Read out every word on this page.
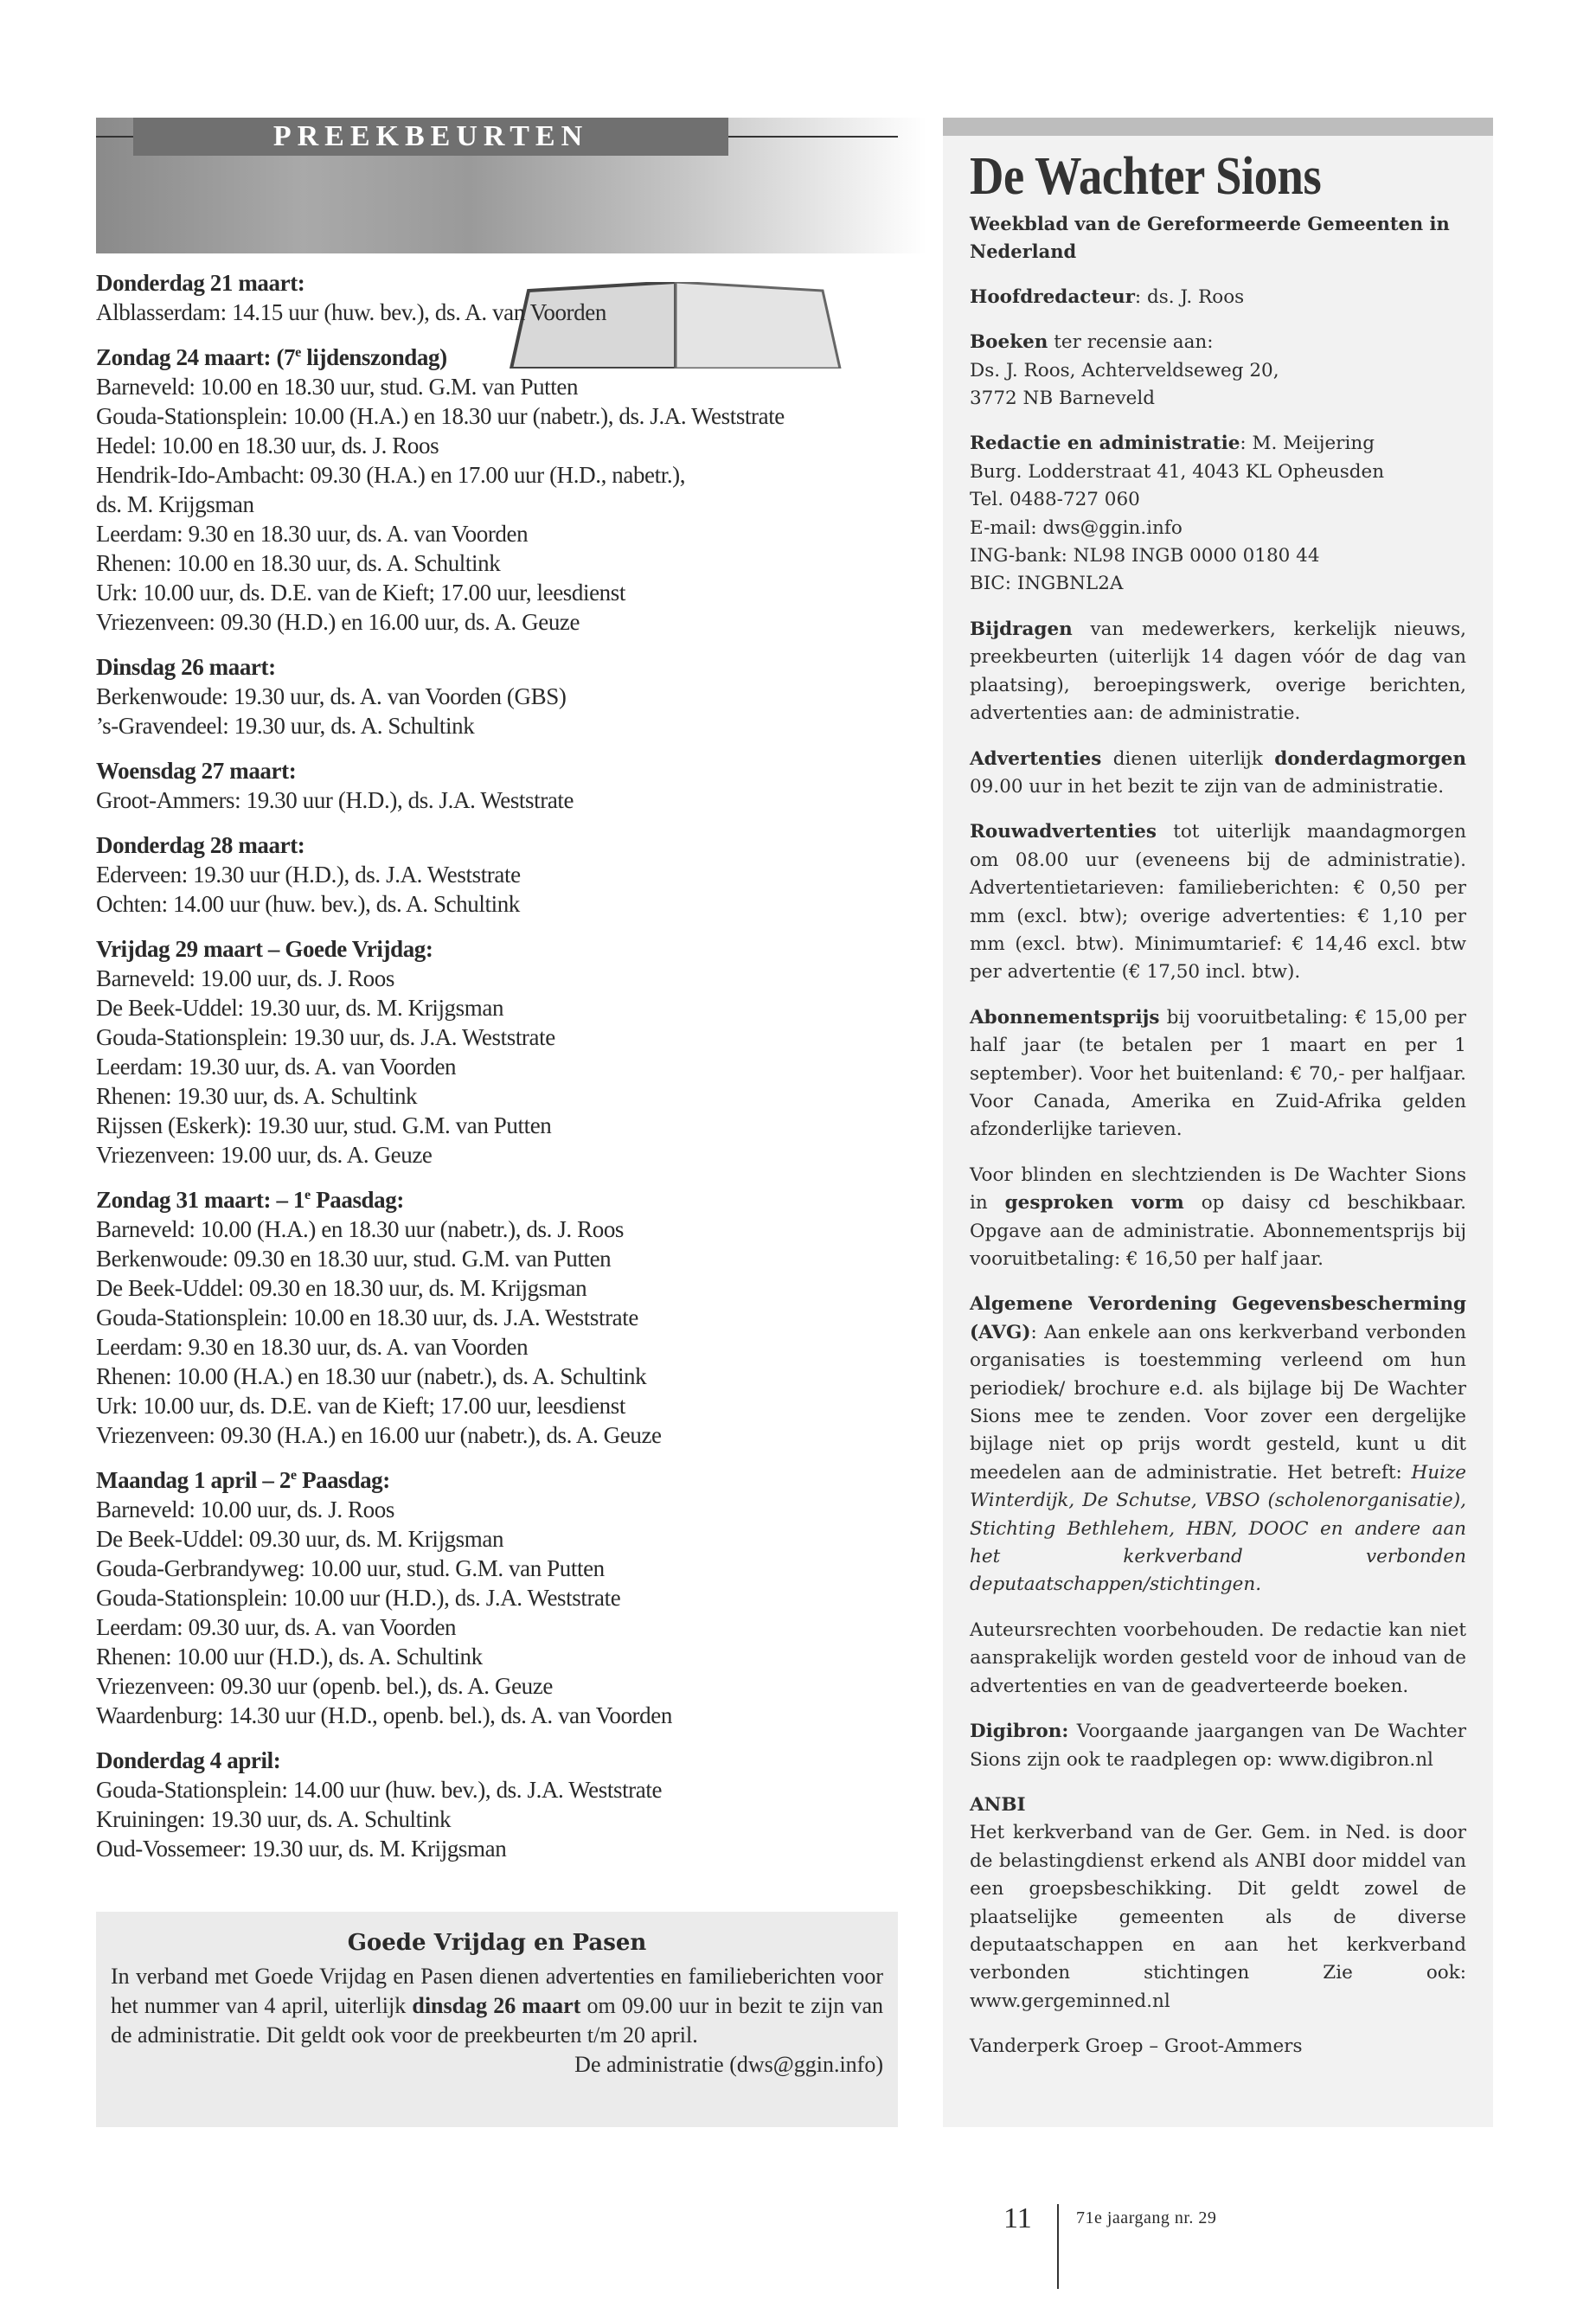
PREEKBEURTEN
Donderdag 21 maart:
Alblasserdam: 14.15 uur (huw. bev.), ds. A. van Voorden
Zondag 24 maart: (7e lijdenszondag)
Barneveld: 10.00 en 18.30 uur, stud. G.M. van Putten
Gouda-Stationsplein: 10.00 (H.A.) en 18.30 uur (nabetr.), ds. J.A. Weststrate
Hedel: 10.00 en 18.30 uur, ds. J. Roos
Hendrik-Ido-Ambacht: 09.30 (H.A.) en 17.00 uur (H.D., nabetr.),
ds. M. Krijgsman
Leerdam: 9.30 en 18.30 uur, ds. A. van Voorden
Rhenen: 10.00 en 18.30 uur, ds. A. Schultink
Urk: 10.00 uur, ds. D.E. van de Kieft; 17.00 uur, leesdienst
Vriezenveen: 09.30 (H.D.) en 16.00 uur, ds. A. Geuze
Dinsdag 26 maart:
Berkenwoude: 19.30 uur, ds. A. van Voorden (GBS)
’s-Gravendeel: 19.30 uur, ds. A. Schultink
Woensdag 27 maart:
Groot-Ammers: 19.30 uur (H.D.), ds. J.A. Weststrate
Donderdag 28 maart:
Ederveen: 19.30 uur (H.D.), ds. J.A. Weststrate
Ochten: 14.00 uur (huw. bev.), ds. A. Schultink
Vrijdag 29 maart – Goede Vrijdag:
Barneveld: 19.00 uur, ds. J. Roos
De Beek-Uddel: 19.30 uur, ds. M. Krijgsman
Gouda-Stationsplein: 19.30 uur, ds. J.A. Weststrate
Leerdam: 19.30 uur, ds. A. van Voorden
Rhenen: 19.30 uur, ds. A. Schultink
Rijssen (Eskerk): 19.30 uur, stud. G.M. van Putten
Vriezenveen: 19.00 uur, ds. A. Geuze
Zondag 31 maart: – 1e Paasdag:
Barneveld: 10.00 (H.A.) en 18.30 uur (nabetr.), ds. J. Roos
Berkenwoude: 09.30 en 18.30 uur, stud. G.M. van Putten
De Beek-Uddel: 09.30 en 18.30 uur, ds. M. Krijgsman
Gouda-Stationsplein: 10.00 en 18.30 uur, ds. J.A. Weststrate
Leerdam: 9.30 en 18.30 uur, ds. A. van Voorden
Rhenen: 10.00 (H.A.) en 18.30 uur (nabetr.), ds. A. Schultink
Urk: 10.00 uur, ds. D.E. van de Kieft; 17.00 uur, leesdienst
Vriezenveen: 09.30 (H.A.) en 16.00 uur (nabetr.), ds. A. Geuze
Maandag 1 april – 2e Paasdag:
Barneveld: 10.00 uur, ds. J. Roos
De Beek-Uddel: 09.30 uur, ds. M. Krijgsman
Gouda-Gerbrandyweg: 10.00 uur, stud. G.M. van Putten
Gouda-Stationsplein: 10.00 uur (H.D.), ds. J.A. Weststrate
Leerdam: 09.30 uur, ds. A. van Voorden
Rhenen: 10.00 uur (H.D.), ds. A. Schultink
Vriezenveen: 09.30 uur (openb. bel.), ds. A. Geuze
Waardenburg: 14.30 uur (H.D., openb. bel.), ds. A. van Voorden
Donderdag 4 april:
Gouda-Stationsplein: 14.00 uur (huw. bev.), ds. J.A. Weststrate
Kruiningen: 19.30 uur, ds. A. Schultink
Oud-Vossemeer: 19.30 uur, ds. M. Krijgsman
Goede Vrijdag en Pasen
In verband met Goede Vrijdag en Pasen dienen advertenties en familieberichten voor het nummer van 4 april, uiterlijk dinsdag 26 maart om 09.00 uur in bezit te zijn van de administratie. Dit geldt ook voor de preekbeurten t/m 20 april.
De administratie (dws@ggin.info)
De Wachter Sions

Weekblad van de Gereformeerde Gemeenten in Nederland

Hoofdredacteur: ds. J. Roos

Boeken ter recensie aan:
Ds. J. Roos, Achterveldseweg 20,
3772 NB Barneveld

Redactie en administratie: M. Meijering
Burg. Lodderstraat 41, 4043 KL Opheusden
Tel. 0488-727 060
E-mail: dws@ggin.info
ING-bank: NL98 INGB 0000 0180 44
BIC: INGBNL2A

Bijdragen van medewerkers, kerkelijk nieuws, preekbeurten (uiterlijk 14 dagen vóór de dag van plaatsing), beroepingswerk, overige berichten, advertenties aan: de administratie.

Advertenties dienen uiterlijk donderdagmorgen 09.00 uur in het bezit te zijn van de administratie.

Rouwadvertenties tot uiterlijk maandagmorgen om 08.00 uur (eveneens bij de administratie). Advertentietarieven: familieberichten: € 0,50 per mm (excl. btw); overige advertenties: € 1,10 per mm (excl. btw). Minimumtarief: € 14,46 excl. btw per advertentie (€ 17,50 incl. btw).

Abonnementsprijs bij vooruitbetaling: € 15,00 per half jaar (te betalen per 1 maart en per 1 september). Voor het buitenland: € 70,- per halfjaar. Voor Canada, Amerika en Zuid-Afrika gelden afzonderlijke tarieven.

Voor blinden en slechtzienden is De Wachter Sions in gesproken vorm op daisy cd beschikbaar. Opgave aan de administratie. Abonnementsprijs bij vooruitbetaling: € 16,50 per half jaar.

Algemene Verordening Gegevensbescherming (AVG): Aan enkele aan ons kerkverband verbonden organisaties is toestemming verleend om hun periodiek/ brochure e.d. als bijlage bij De Wachter Sions mee te zenden. Voor zover een dergelijke bijlage niet op prijs wordt gesteld, kunt u dit meedelen aan de administratie. Het betreft: Huize Winterdijk, De Schutse, VBSO (scholenorganisatie), Stichting Bethlehem, HBN, DOOC en andere aan het kerkverband verbonden deputaatschappen/stichtingen.

Auteursrechten voorbehouden. De redactie kan niet aansprakelijk worden gesteld voor de inhoud van de advertenties en van de geadverteerde boeken.

Digibron: Voorgaande jaargangen van De Wachter Sions zijn ook te raadplegen op: www.digibron.nl

ANBI
Het kerkverband van de Ger. Gem. in Ned. is door de belastingdienst erkend als ANBI door middel van een groepsbeschikking. Dit geldt zowel de plaatselijke gemeenten als de diverse deputaatschappen en aan het kerkverband verbonden stichtingen Zie ook: www.gergeminned.nl

Vanderperk Groep – Groot-Ammers

11	71e jaargang nr. 29
